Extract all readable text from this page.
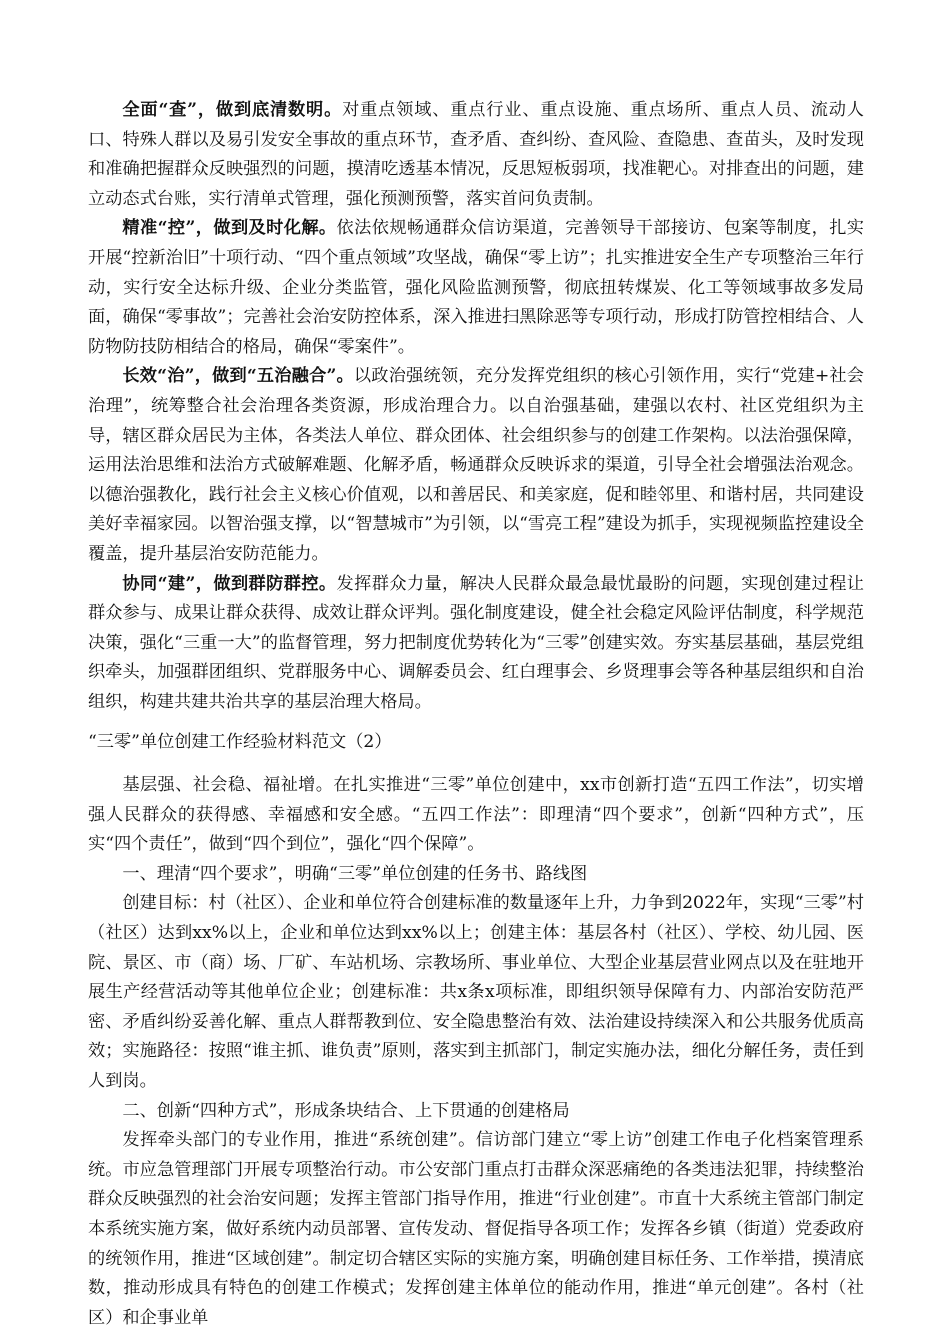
全面“查”，做到底清数明。对重点领域、重点行业、重点设施、重点场所、重点人员、流动人口、特殊人群以及易引发安全事故的重点环节，查矛盾、查纠纷、查风险、查隐患、查苗头，及时发现和准确把握群众反映强烈的问题，摸清吃透基本情况，反思短板弱项，找准靶心。对排查出的问题，建立动态式台账，实行清单式管理，强化预测预警，落实首问负责制。

精准“控”，做到及时化解。依法依规畅通群众信访渠道，完善领导干部接访、包案等制度，扎实开展“控新治旧”十项行动、“四个重点领域”攻坚战，确保“零上访”；扎实推进安全生产专项整治三年行动，实行安全达标升级、企业分类监管，强化风险监测预警，彻底扭转煤炭、化工等领域事故多发局面，确保“零事故”；完善社会治安防控体系，深入推进扫黑除恶等专项行动，形成打防管控相结合、人防物防技防相结合的格局，确保“零案件”。

长效“治”，做到“五治融合”。以政治强统领，充分发挥党组织的核心引领作用，实行“党建+社会治理”，统筹整合社会治理各类资源，形成治理合力。以自治强基础，建强以农村、社区党组织为主导，辖区群众居民为主体，各类法人单位、群众团体、社会组织参与的创建工作架构。以法治强保障，运用法治思维和法治方式破解难题、化解矛盾，畅通群众反映诉求的渠道，引导全社会增强法治观念。以德治强教化，践行社会主义核心价值观，以和善居民、和美家庭，促和睦邻里、和谐村居，共同建设美好幸福家园。以智治强支撑，以“智慧城市”为引领，以“雪亮工程”建设为抓手，实现视频监控建设全覆盖，提升基层治安防范能力。

协同“建”，做到群防群控。发挥群众力量，解决人民群众最急最忧最盼的问题，实现创建过程让群众参与、成果让群众获得、成效让群众评判。强化制度建设，健全社会稳定风险评估制度，科学规范决策，强化“三重一大”的监督管理，努力把制度优势转化为“三零”创建实效。夯实基层基础，基层党组织牵头，加强群团组织、党群服务中心、调解委员会、红白理事会、乡贤理事会等各种基层组织和自治组织，构建共建共治共享的基层治理大格局。

“三零”单位创建工作经验材料范文（2）

基层强、社会稳、福祉增。在扎实推进“三零”单位创建中，xx市创新打造“五四工作法”，切实增强人民群众的获得感、幸福感和安全感。“五四工作法”：即理清“四个要求”，创新“四种方式”，压实“四个责任”，做到“四个到位”，强化“四个保障”。

一、理清“四个要求”，明确“三零”单位创建的任务书、路线图

创建目标：村（社区）、企业和单位符合创建标准的数量逐年上升，力争到2022年，实现“三零”村（社区）达到xx%以上，企业和单位达到xx%以上；创建主体：基层各村（社区）、学校、幼儿园、医院、景区、市（商）场、厂矿、车站机场、宗教场所、事业单位、大型企业基层营业网点以及在驻地开展生产经营活动等其他单位企业；创建标准：共x条x项标准，即组织领导保障有力、内部治安防范严密、矛盾纠纷妥善化解、重点人群帮教到位、安全隐患整治有效、法治建设持续深入和公共服务优质高效；实施路径：按照“谁主抓、谁负责”原则，落实到主抓部门，制定实施办法，细化分解任务，责任到人到岗。

二、创新“四种方式”，形成条块结合、上下贯通的创建格局

发挥牵头部门的专业作用，推进“系统创建”。信访部门建立“零上访”创建工作电子化档案管理系统。市应急管理部门开展专项整治行动。市公安部门重点打击群众深恶痛绝的各类违法犯罪，持续整治群众反映强烈的社会治安问题；发挥主管部门指导作用，推进“行业创建”。市直十大系统主管部门制定本系统实施方案，做好系统内动员部署、宣传发动、督促指导各项工作；发挥各乡镇（街道）党委政府的统领作用，推进“区域创建”。制定切合辖区实际的实施方案，明确创建目标任务、工作举措，摸清底数，推动形成具有特色的创建工作模式；发挥创建主体单位的能动作用，推进“单元创建”。各村（社区）和企事业单
